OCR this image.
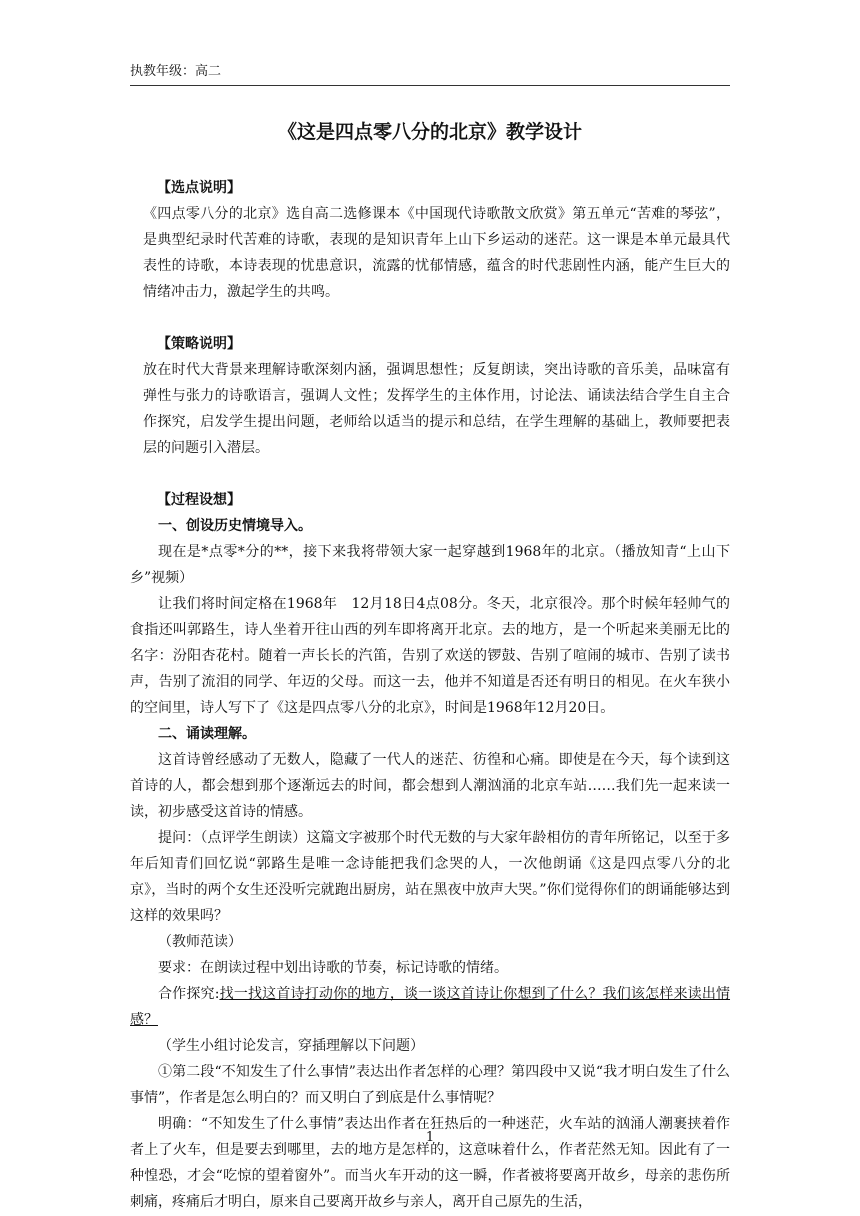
执教年级：高二
《这是四点零八分的北京》教学设计
【选点说明】

《四点零八分的北京》选自高二选修课本《中国现代诗歌散文欣赏》第五单元“苦难的琴弦”，是典型纪录时代苦难的诗歌，表现的是知识青年上山下乡运动的迷茫。这一课是本单元最具代表性的诗歌，本诗表现的忧患意识，流露的忧郁情感，蕴含的时代悲剧性内涵，能产生巨大的情绪冲击力，激起学生的共鸣。

【策略说明】

放在时代大背景来理解诗歌深刻内涵，强调思想性；反复朗读，突出诗歌的音乐美，品味富有弹性与张力的诗歌语言，强调人文性；发挥学生的主体作用，讨论法、诵读法结合学生自主合作探究，启发学生提出问题，老师给以适当的提示和总结，在学生理解的基础上，教师要把表层的问题引入潜层。

【过程设想】

一、创设历史情境导入。

现在是*点零*分的**，接下来我将带领大家一起穿越到1968年的北京。（播放知青“上山下乡”视频）

让我们将时间定格在1968年　12月18日4点08分。冬天，北京很冷。那个时候年轻帅气的食指还叫郭路生，诗人坐着开往山西的列车即将离开北京。去的地方，是一个听起来美丽无比的名字：汾阳杏花村。随着一声长长的汽笛，告别了欢送的锣鼓、告别了喧闹的城市、告别了读书声，告别了流泪的同学、年迈的父母。而这一去，他并不知道是否还有明日的相见。在火车狭小的空间里，诗人写下了《这是四点零八分的北京》，时间是1968年12月20日。

二、诵读理解。

这首诗曾经感动了无数人，隐藏了一代人的迷茫、彷徨和心痛。即使是在今天，每个读到这首诗的人，都会想到那个逐渐远去的时间，都会想到人潮汹涌的北京车站……我们先一起来读一读，初步感受这首诗的情感。

提问：（点评学生朗读）这篇文字被那个时代无数的与大家年龄相仿的青年所铭记，以至于多年后知青们回忆说“郭路生是唯一念诗能把我们念哭的人，一次他朗诵《这是四点零八分的北京》，当时的两个女生还没听完就跑出厨房，站在黑夜中放声大哭。”你们觉得你们的朗诵能够达到这样的效果吗？

（教师范读）

要求：在朗读过程中划出诗歌的节奏，标记诗歌的情绪。

合作探究:找一找这首诗打动你的地方，谈一谈这首诗让你想到了什么？我们该怎样来读出情感？

（学生小组讨论发言，穿插理解以下问题）

①第二段“不知发生了什么事情”表达出作者怎样的心理？第四段中又说“我才明白发生了什么事情”，作者是怎么明白的？而又明白了到底是什么事情呢？

明确：“不知发生了什么事情”表达出作者在狂热后的一种迷茫，火车站的汹涌人潮裹挟着作者上了火车，但是要去到哪里，去的地方是怎样的，这意味着什么，作者茫然无知。因此有了一种惶恐，才会“吃惊的望着窗外”。而当火车开动的这一瞬，作者被将要离开故乡，母亲的悲伤所刺痛，疼痛后才明白，原来自己要离开故乡与亲人，离开自己原先的生活，

1
